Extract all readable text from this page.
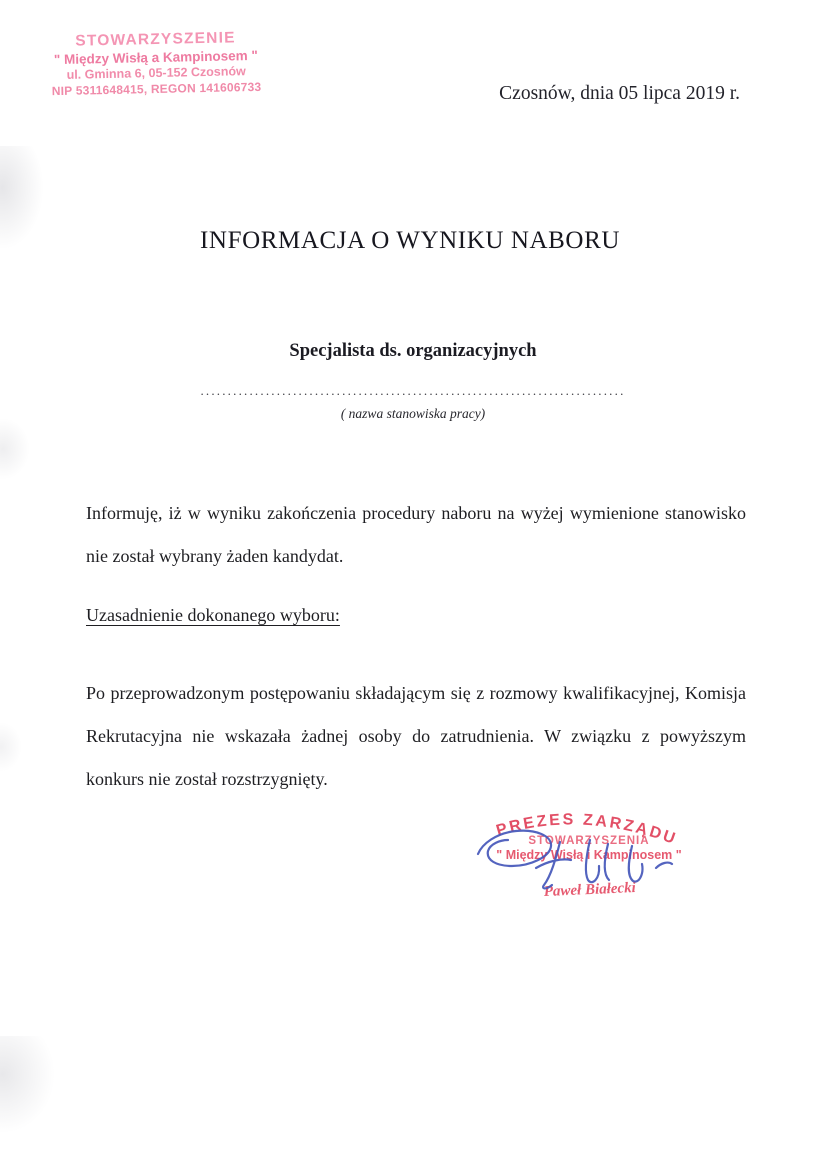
STOWARZYSZENIE
" Między Wisłą a Kampinosem "
ul. Gminna 6, 05-152 Czosnów
NIP 5311648415, REGON 141606733	Czosnów, dnia 05 lipca 2019 r.
INFORMACJA O WYNIKU NABORU
Specjalista ds. organizacyjnych
..............................................................................
( nazwa stanowiska pracy)
Informuję, iż w wyniku zakończenia procedury naboru na wyżej wymienione stanowisko nie został wybrany żaden kandydat.
Uzasadnienie dokonanego wyboru:
Po przeprowadzonym postępowaniu składającym się z rozmowy kwalifikacyjnej, Komisja Rekrutacyjna nie wskazała żadnej osoby do zatrudnienia. W związku z powyższym konkurs nie został rozstrzygnięty.
PREZES ZARZĄDU
STOWARZYSZENIA
" Między Wisłą i Kampinosem "
Paweł Białecki
